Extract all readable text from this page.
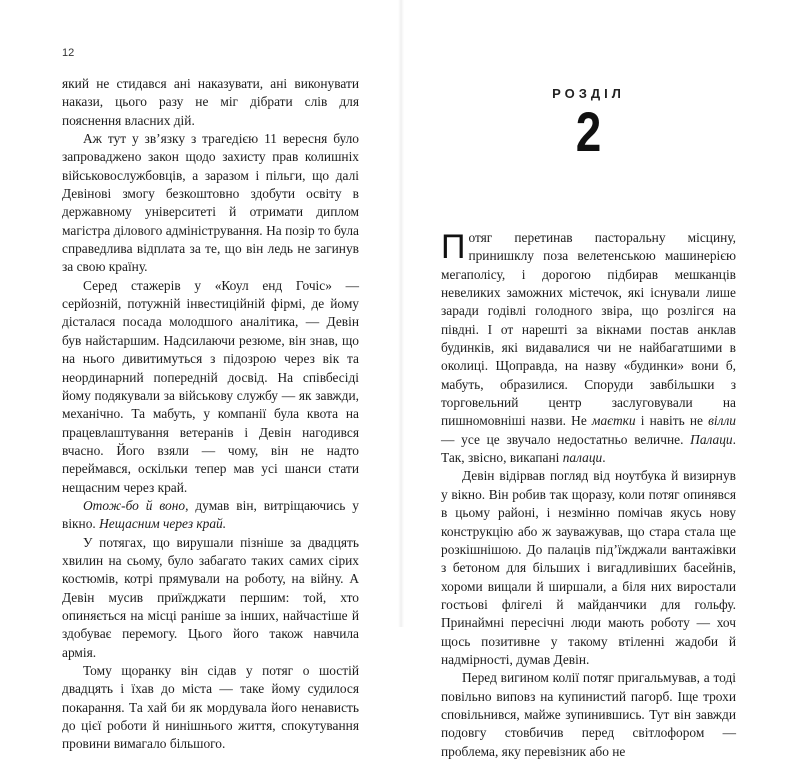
12

який не стидався ані наказувати, ані виконувати накази, цього разу не міг дібрати слів для пояснення власних дій.

Аж тут у зв’язку з трагедією 11 вересня було запроваджено закон щодо захисту прав колишніх військовослужбовців, а заразом і пільги, що далі Девінові змогу безкоштовно здобути освіту в державному університеті й отримати диплом магістра ділового адміністрування. На позір то була справедлива відплата за те, що він ледь не загинув за свою країну.

Серед стажерів у «Коул енд Гочіс» — серйозній, потужній інвестиційній фірмі, де йому дісталася посада молодшого аналітика, — Девін був найстаршим. Надсилаючи резюме, він знав, що на нього дивитимуться з підозрою через вік та неординарний попередній досвід. На співбесіді йому подякували за військову службу — як завжди, механічно. Та мабуть, у компанії була квота на працевлаштування ветеранів і Девін нагодився вчасно. Його взяли — чому, він не надто переймався, оскільки тепер мав усі шанси стати нещасним через край.

Отож-бо й воно, думав він, витріщаючись у вікно. Нещасним через край.

У потягах, що вирушали пізніше за двадцять хвилин на сьому, було забагато таких самих сірих костюмів, котрі прямували на роботу, на війну. А Девін мусив приїжджати першим: той, хто опиняється на місці раніше за інших, найчастіше й здобуває перемогу. Цього його також навчила армія.

Тому щоранку він сідав у потяг о шостій двадцять і їхав до міста — таке йому судилося покарання. Та хай би як мордувала його ненависть до цієї роботи й нинішнього життя, спокутування провини вимагало більшого.

РОЗДІЛ
2

Потяг перетинав пасторальну місцину, принишклу поза велетенською машинерією мегаполісу, і дорогою підбирав мешканців невеликих заможних містечок, які існували лише заради годівлі голодного звіра, що розлігся на півдні. І от нарешті за вікнами постав анклав будинків, які видавалися чи не найбагатшими в околиці. Щоправда, на назву «будинки» вони б, мабуть, образилися. Споруди завбільшки з торговельний центр заслуговували на пишномовніші назви. Не маєтки і навіть не вілли — усе це звучало недостатньо величне. Палаци. Так, звісно, викапані палаци.

Девін відірвав погляд від ноутбука й визирнув у вікно. Він робив так щоразу, коли потяг опинявся в цьому районі, і незмінно помічав якусь нову конструкцію або ж зауважував, що стара стала ще розкішнішою. До палаців під’їжджали вантажівки з бетоном для більших і вигадливіших басейнів, хороми вищали й ширшали, а біля них виростали гостьові флігелі й майданчики для гольфу. Принаймні пересічні люди мають роботу — хоч щось позитивне у такому втіленні жадоби й надмірності, думав Девін.

Перед вигином колії потяг пригальмував, а тоді повільно виповз на купинистий пагорб. Іще трохи сповільнився, майже зупинившись. Тут він завжди подовгу стовбичив перед світлофором — проблема, яку перевізник або не
